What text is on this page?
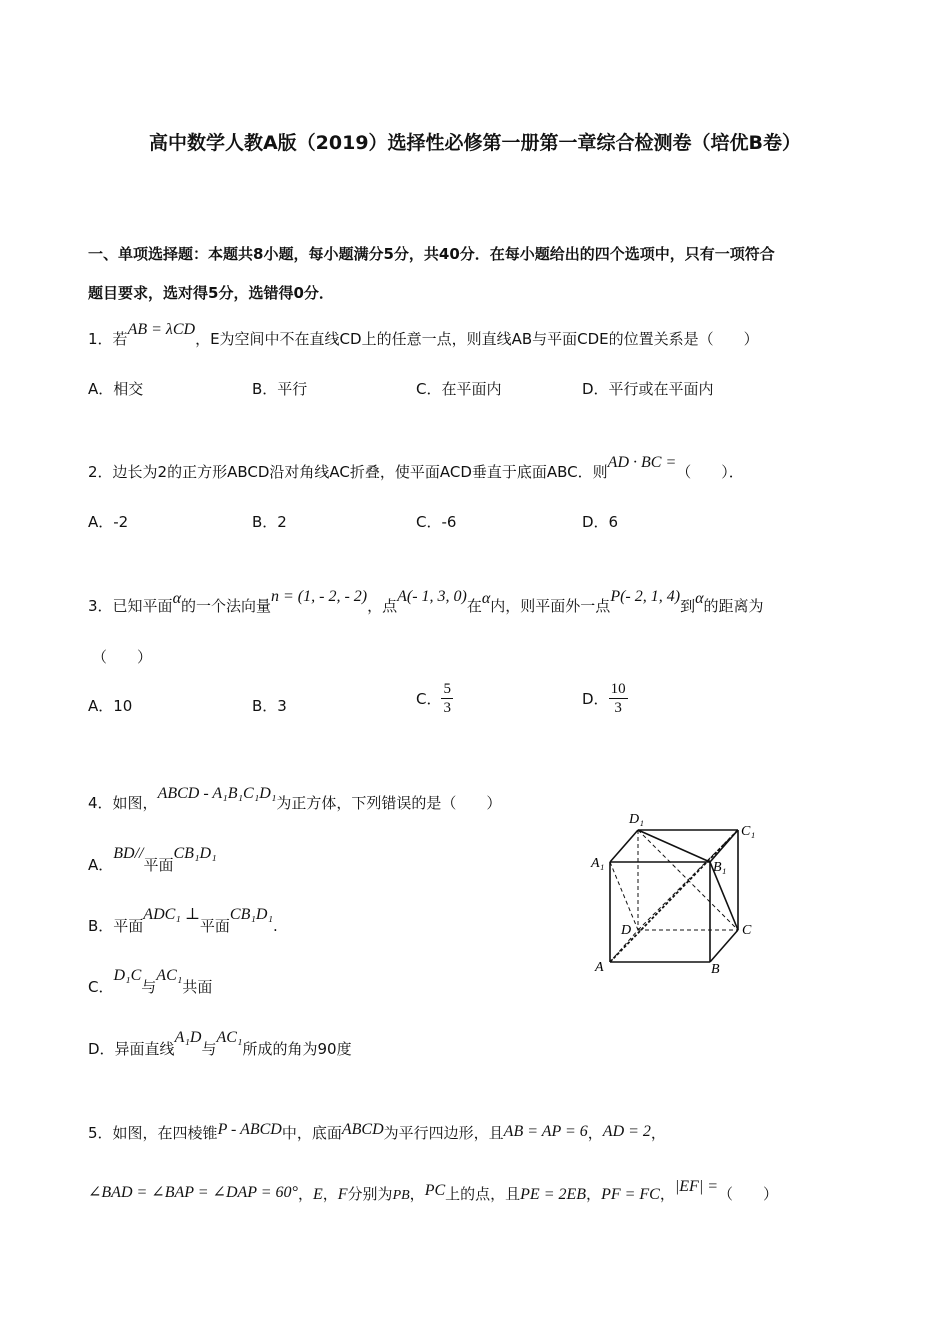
高中数学人教A版（2019）选择性必修第一册第一章综合检测卷（培优B卷）
一、单项选择题：本题共8小题，每小题满分5分，共40分．在每小题给出的四个选项中，只有一项符合
题目要求，选对得5分，选错得0分．
1．若AB = λCD，E为空间中不在直线CD上的任意一点，则直线AB与平面CDE的位置关系是（　　）
A．相交	B．平行	C．在平面内	D．平行或在平面内
2．边长为2的正方形ABCD沿对角线AC折叠，使平面ACD垂直于底面ABC．则AD · BC =（　　）．
A．-2	B．2	C．-6	D．6
3．已知平面α的一个法向量n = (1, - 2, - 2)，点A(- 1, 3, 0)在α内，则平面外一点P(- 2, 1, 4)到α的距离为
（　　）
A．10	B．3	C． $\frac{5}{3}$	D． $\frac{10}{3}$
4．如图，ABCD - A₁B₁C₁D₁为正方体，下列错误的是（　　）
A．BD//平面CB₁D₁
B．平面ADC₁ ⊥平面CB₁D₁.
C．D₁C与AC₁共面
D．异面直线A₁D与AC₁所成的角为90度
D₁
C₁
A₁	B₁
D	C
A	B
5．如图，在四棱锥P - ABCD中，底面ABCD为平行四边形，且AB = AP = 6，AD = 2，
∠BAD = ∠BAP = ∠DAP = 60°，E，F分别为PB，PC上的点，且PE = 2EB，PF = FC，|EF| =（　　）
